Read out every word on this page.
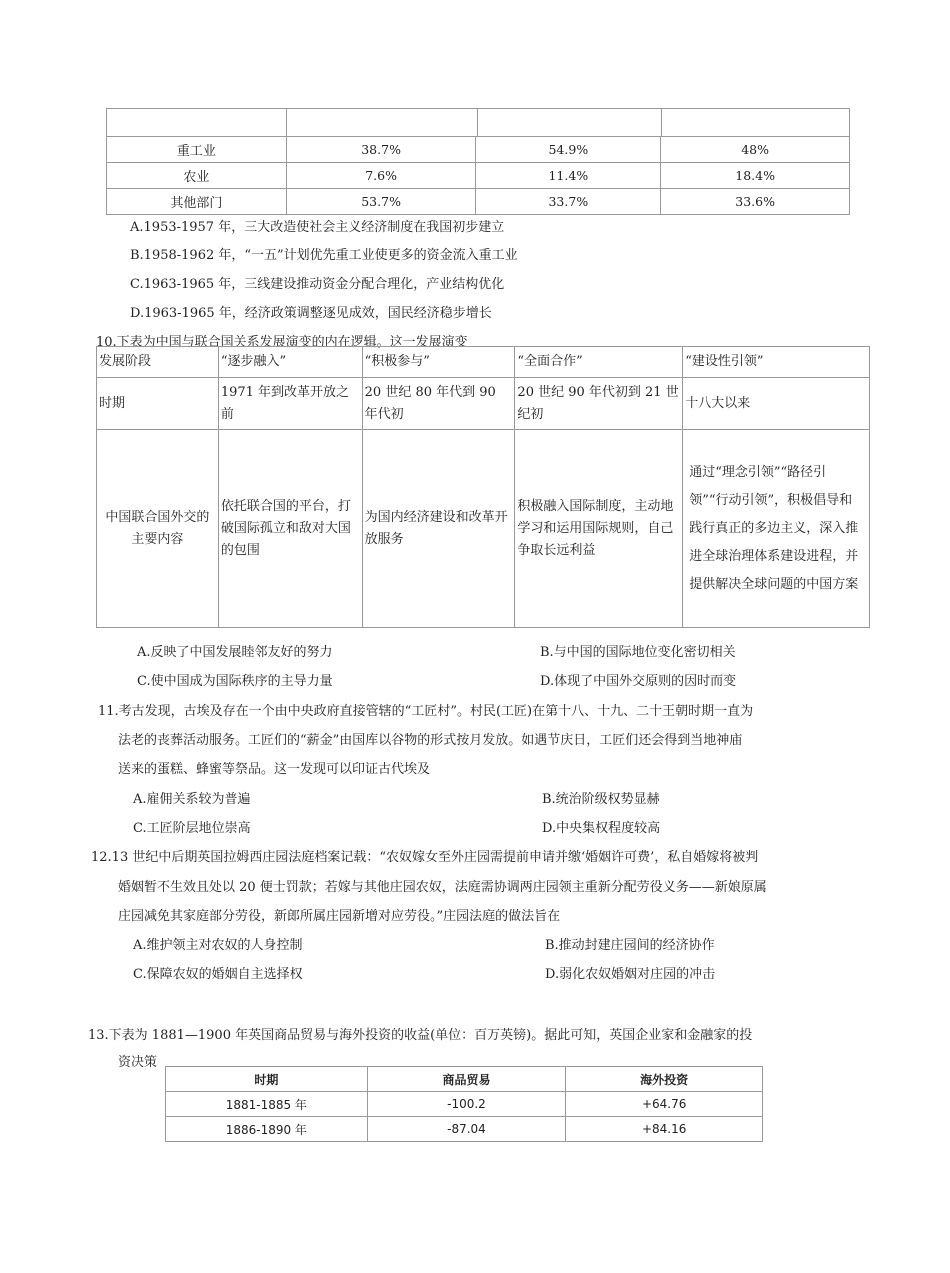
重工业	38.7%	54.9%	48%
农业	7.6%	11.4%	18.4%
其他部门	53.7%	33.7%	33.6%
A.1953-1957 年，三大改造使社会主义经济制度在我国初步建立
B.1958-1962 年，“一五”计划优先重工业使更多的资金流入重工业
C.1963-1965 年，三线建设推动资金分配合理化，产业结构优化
D.1963-1965 年，经济政策调整逐见成效，国民经济稳步增长
10.下表为中国与联合国关系发展演变的内在逻辑。这一发展演变
发展阶段	“逐步融入”	“积极参与”	“全面合作”	“建设性引领”
时期	1971 年到改革开放之前	20 世纪 80 年代到 90 年代初	20 世纪 90 年代初到 21 世纪初	十八大以来
中国联合国外交的主要内容	依托联合国的平台，打破国际孤立和敌对大国的包围	为国内经济建设和改革开放服务	积极融入国际制度，主动地学习和运用国际规则，自己争取长远利益	通过“理念引领”“路径引领”“行动引领”，积极倡导和践行真正的多边主义，深入推进全球治理体系建设进程，并提供解决全球问题的中国方案
A.反映了中国发展睦邻友好的努力	B.与中国的国际地位变化密切相关
C.使中国成为国际秩序的主导力量	D.体现了中国外交原则的因时而变
11.考古发现，古埃及存在一个由中央政府直接管辖的“工匠村”。村民(工匠)在第十八、十九、二十王朝时期一直为
法老的丧葬活动服务。工匠们的“薪金”由国库以谷物的形式按月发放。如遇节庆日，工匠们还会得到当地神庙
送来的蛋糕、蜂蜜等祭品。这一发现可以印证古代埃及
A.雇佣关系较为普遍	B.统治阶级权势显赫
C.工匠阶层地位崇高	D.中央集权程度较高
12.13 世纪中后期英国拉姆西庄园法庭档案记载：“农奴嫁女至外庄园需提前申请并缴‘婚姻许可费’，私自婚嫁将被判
婚姻暂不生效且处以 20 便士罚款；若嫁与其他庄园农奴，法庭需协调两庄园领主重新分配劳役义务——新娘原属
庄园减免其家庭部分劳役，新郎所属庄园新增对应劳役。”庄园法庭的做法旨在
A.维护领主对农奴的人身控制	B.推动封建庄园间的经济协作
C.保障农奴的婚姻自主选择权	D.弱化农奴婚姻对庄园的冲击
13.下表为 1881—1900 年英国商品贸易与海外投资的收益(单位：百万英镑)。据此可知，英国企业家和金融家的投
资决策
时期	商品贸易	海外投资
1881-1885 年	-100.2	+64.76
1886-1890 年	-87.04	+84.16
